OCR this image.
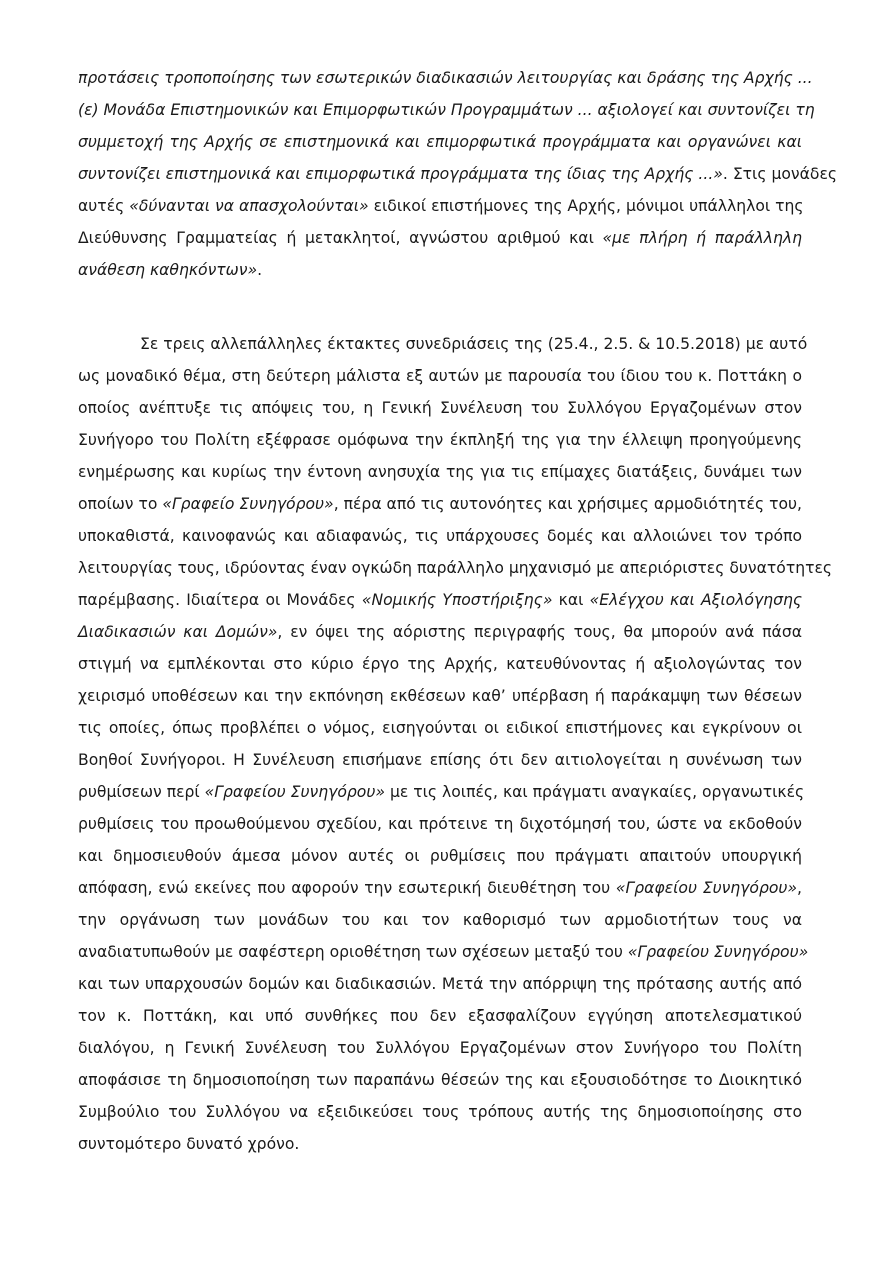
προτάσεις τροποποίησης των εσωτερικών διαδικασιών λειτουργίας και δράσης της Αρχής ...
(ε) Μονάδα Επιστημονικών και Επιμορφωτικών Προγραμμάτων ... αξιολογεί και συντονίζει τη
συμμετοχή της Αρχής σε επιστημονικά και επιμορφωτικά προγράμματα και οργανώνει και
συντονίζει επιστημονικά και επιμορφωτικά προγράμματα της ίδιας της Αρχής ...». Στις μονάδες
αυτές «δύνανται να απασχολούνται» ειδικοί επιστήμονες της Αρχής, μόνιμοι υπάλληλοι της
Διεύθυνσης Γραμματείας ή μετακλητοί, αγνώστου αριθμού και «με πλήρη ή παράλληλη
ανάθεση καθηκόντων».
Σε τρεις αλλεπάλληλες έκτακτες συνεδριάσεις της (25.4., 2.5. & 10.5.2018) με αυτό
ως μοναδικό θέμα, στη δεύτερη μάλιστα εξ αυτών με παρουσία του ίδιου του κ. Ποττάκη ο
οποίος ανέπτυξε τις απόψεις του, η Γενική Συνέλευση του Συλλόγου Εργαζομένων στον
Συνήγορο του Πολίτη εξέφρασε ομόφωνα την έκπληξή της για την έλλειψη προηγούμενης
ενημέρωσης και κυρίως την έντονη ανησυχία της για τις επίμαχες διατάξεις, δυνάμει των
οποίων το «Γραφείο Συνηγόρου», πέρα από τις αυτονόητες και χρήσιμες αρμοδιότητές του,
υποκαθιστά, καινοφανώς και αδιαφανώς, τις υπάρχουσες δομές και αλλοιώνει τον τρόπο
λειτουργίας τους, ιδρύοντας έναν ογκώδη παράλληλο μηχανισμό με απεριόριστες δυνατότητες
παρέμβασης. Ιδιαίτερα οι Μονάδες «Νομικής Υποστήριξης» και «Ελέγχου και Αξιολόγησης
Διαδικασιών και Δομών», εν όψει της αόριστης περιγραφής τους, θα μπορούν ανά πάσα
στιγμή να εμπλέκονται στο κύριο έργο της Αρχής, κατευθύνοντας ή αξιολογώντας τον
χειρισμό υποθέσεων και την εκπόνηση εκθέσεων καθ’ υπέρβαση ή παράκαμψη των θέσεων
τις οποίες, όπως προβλέπει ο νόμος, εισηγούνται οι ειδικοί επιστήμονες και εγκρίνουν οι
Βοηθοί Συνήγοροι. Η Συνέλευση επισήμανε επίσης ότι δεν αιτιολογείται η συνένωση των
ρυθμίσεων περί «Γραφείου Συνηγόρου» με τις λοιπές, και πράγματι αναγκαίες, οργανωτικές
ρυθμίσεις του προωθούμενου σχεδίου, και πρότεινε τη διχοτόμησή του, ώστε να εκδοθούν
και δημοσιευθούν άμεσα μόνον αυτές οι ρυθμίσεις που πράγματι απαιτούν υπουργική
απόφαση, ενώ εκείνες που αφορούν την εσωτερική διευθέτηση του «Γραφείου Συνηγόρου»,
την οργάνωση των μονάδων του και τον καθορισμό των αρμοδιοτήτων τους να
αναδιατυπωθούν με σαφέστερη οριοθέτηση των σχέσεων μεταξύ του «Γραφείου Συνηγόρου»
και των υπαρχουσών δομών και διαδικασιών. Μετά την απόρριψη της πρότασης αυτής από
τον κ. Ποττάκη, και υπό συνθήκες που δεν εξασφαλίζουν εγγύηση αποτελεσματικού
διαλόγου, η Γενική Συνέλευση του Συλλόγου Εργαζομένων στον Συνήγορο του Πολίτη
αποφάσισε τη δημοσιοποίηση των παραπάνω θέσεών της και εξουσιοδότησε το Διοικητικό
Συμβούλιο του Συλλόγου να εξειδικεύσει τους τρόπους αυτής της δημοσιοποίησης στο
συντομότερο δυνατό χρόνο.
